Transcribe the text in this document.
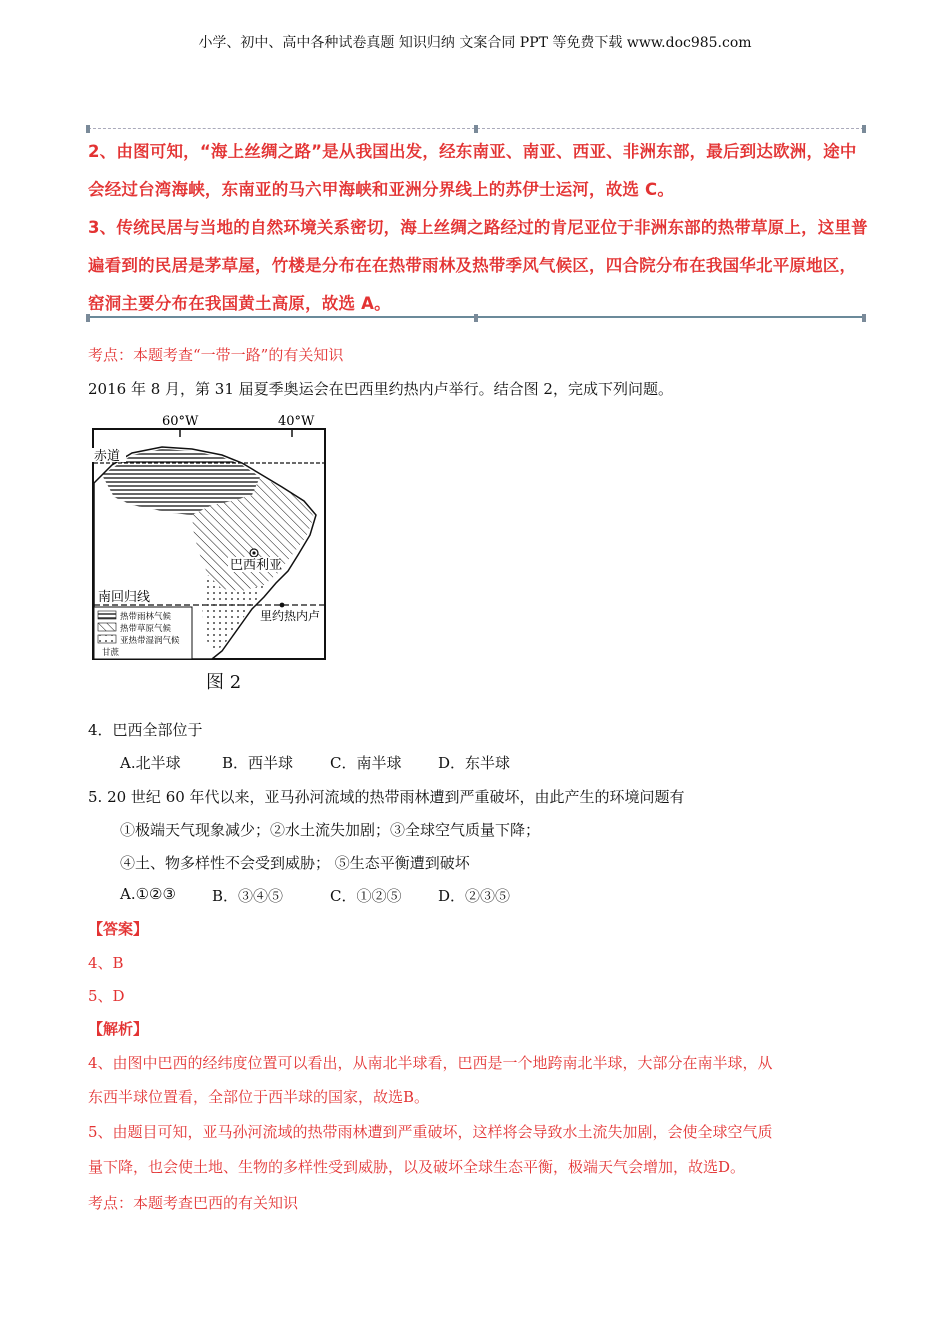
小学、初中、高中各种试卷真题 知识归纳 文案合同 PPT 等免费下载 www.doc985.com
2、由图可知，“海上丝绸之路”是从我国出发，经东南亚、南亚、西亚、非洲东部，最后到达欧洲，途中
会经过台湾海峡，东南亚的马六甲海峡和亚洲分界线上的苏伊士运河，故选 C。
3、传统民居与当地的自然环境关系密切，海上丝绸之路经过的肯尼亚位于非洲东部的热带草原上，这里普
遍看到的民居是茅草屋，竹楼是分布在在热带雨林及热带季风气候区，四合院分布在我国华北平原地区，
窑洞主要分布在我国黄土高原，故选 A。
考点：本题考查“一带一路”的有关知识
2016 年 8 月，第 31 届夏季奥运会在巴西里约热内卢举行。结合图 2，完成下列问题。
60°W	40°W
赤道
南回归线
巴西利亚
里约热内卢
热带雨林气候
热带草原气候
亚热带湿润气候
甘蔗
图 2
4．巴西全部位于
A.北半球	B．西半球 C．南半球 D．东半球
5. 20 世纪 60 年代以来，亚马孙河流域的热带雨林遭到严重破坏，由此产生的环境问题有
①极端天气现象减少；②水土流失加剧；③全球空气质量下降；
④土、物多样性不会受到威胁； ⑤生态平衡遭到破坏
A.①②③ B．③④⑤	C．①②⑤ D．②③⑤
【答案】
4、B
5、D
【解析】
4、由图中巴西的经纬度位置可以看出，从南北半球看，巴西是一个地跨南北半球，大部分在南半球，从
东西半球位置看，全部位于西半球的国家，故选B。
5、由题目可知，亚马孙河流域的热带雨林遭到严重破坏，这样将会导致水土流失加剧，会使全球空气质
量下降，也会使土地、生物的多样性受到威胁，以及破坏全球生态平衡，极端天气会增加，故选D。
考点：本题考查巴西的有关知识
